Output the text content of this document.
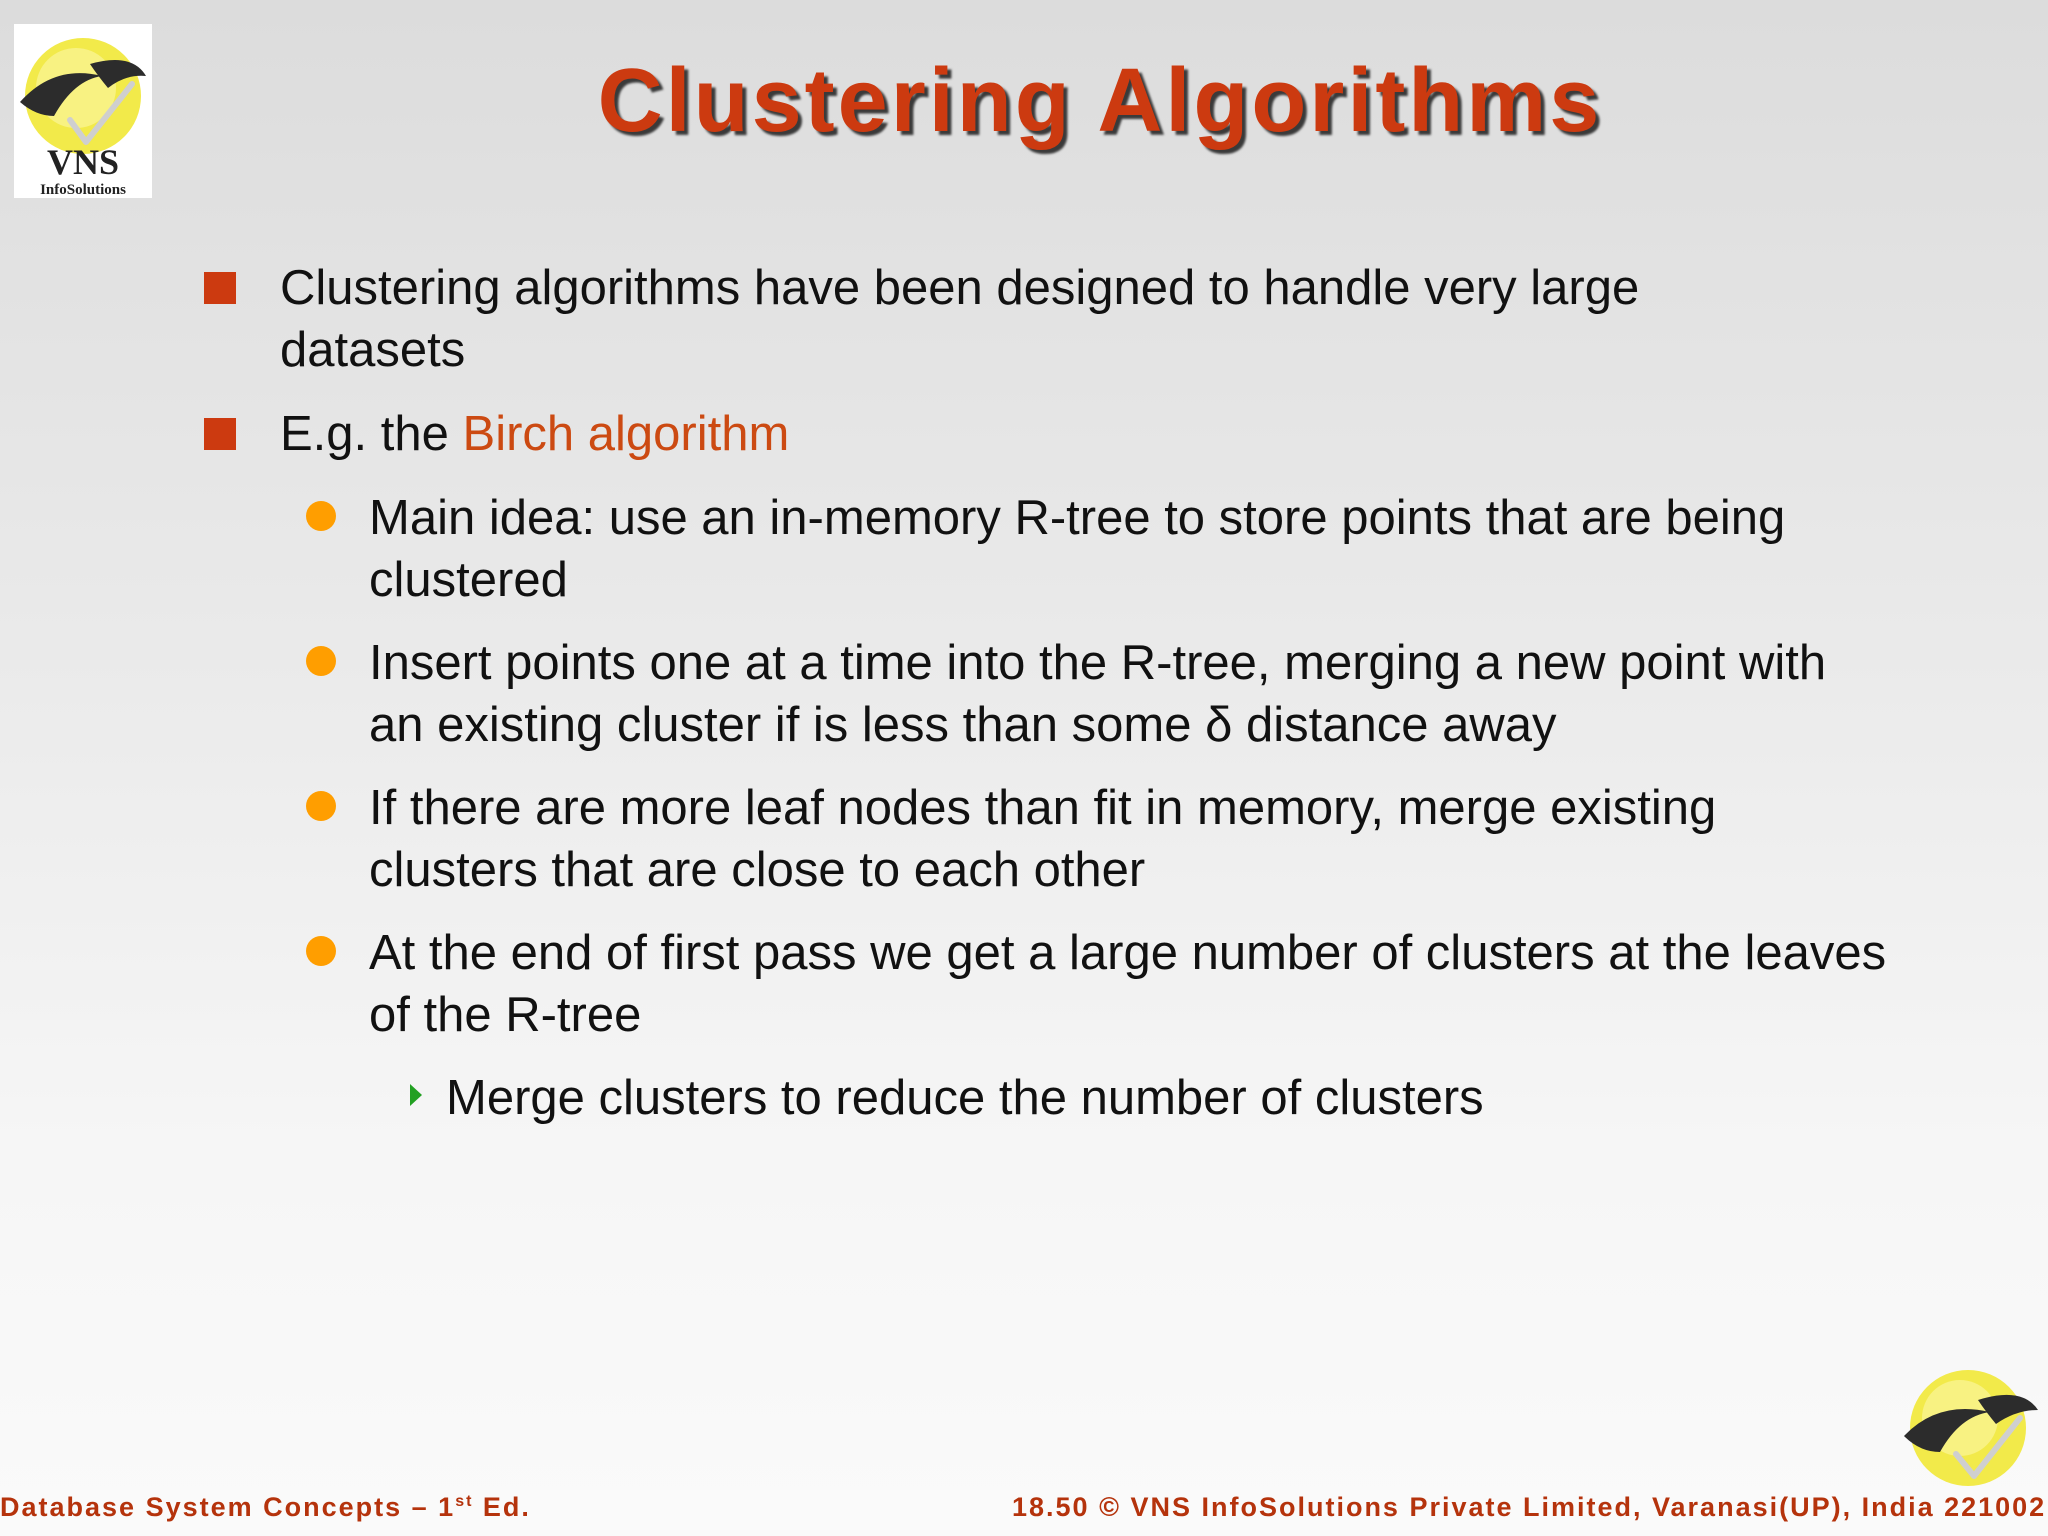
VNS
InfoSolutions
Clustering Algorithms
Clustering algorithms have been designed to handle very large datasets
E.g. the Birch algorithm
Main idea: use an in-memory R-tree to store points that are being clustered
Insert points one at a time into the R-tree, merging a new point with an existing cluster if is less than some δ distance away
If there are more leaf nodes than fit in memory, merge existing clusters that are close to each other
At the end of first pass we get a large number of clusters at the leaves of the R-tree
Merge clusters to reduce the number of clusters
Database System Concepts – 1st Ed.	18.50 © VNS InfoSolutions Private Limited, Varanasi(UP), India 221002
